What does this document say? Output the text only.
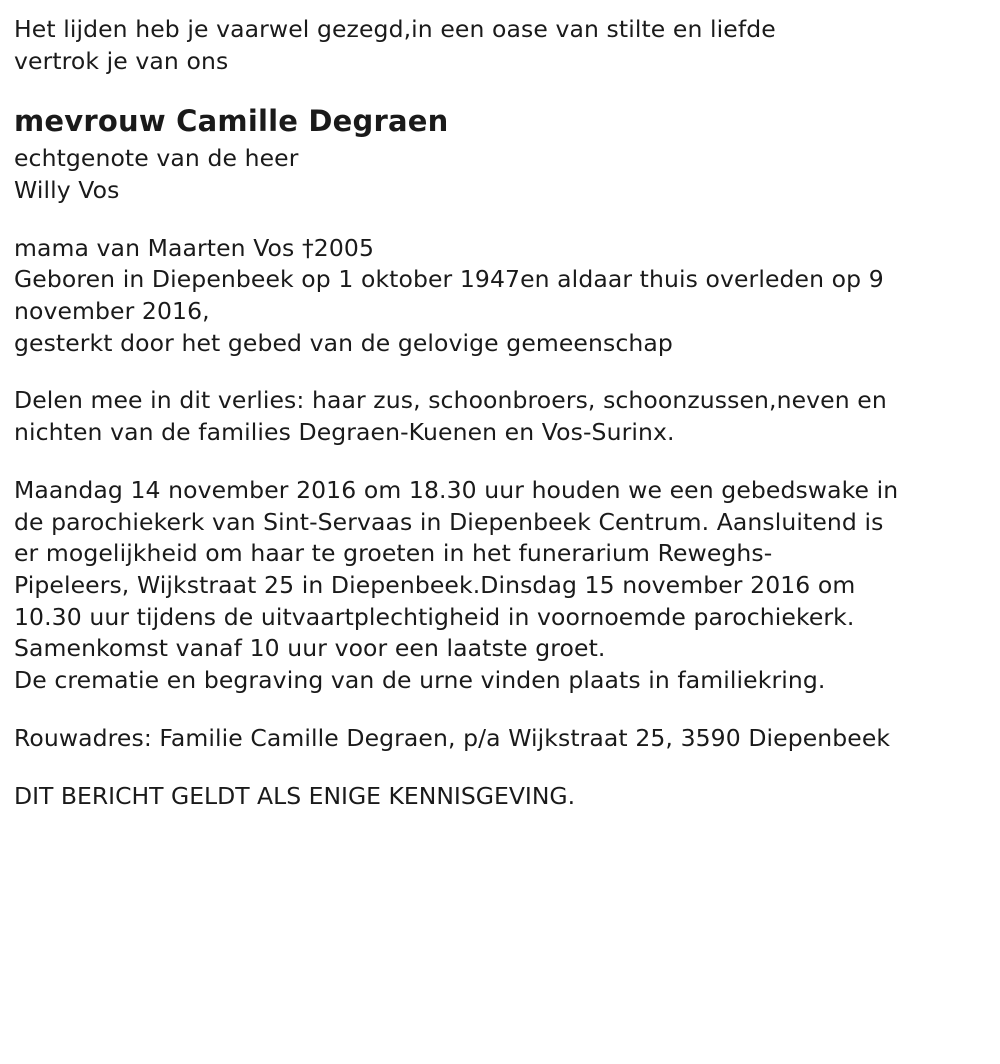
Het lijden heb je vaarwel gezegd,in een oase van stilte en liefde
vertrok je van ons
mevrouw Camille Degraen
echtgenote van de heer
Willy Vos
mama van Maarten Vos †2005
Geboren in Diepenbeek op 1 oktober 1947en aldaar thuis overleden op 9
november 2016,
gesterkt door het gebed van de gelovige gemeenschap
Delen mee in dit verlies: haar zus, schoonbroers, schoonzussen,neven en
nichten van de families Degraen-Kuenen en Vos-Surinx.
Maandag 14 november 2016 om 18.30 uur houden we een gebedswake in
de parochiekerk van Sint-Servaas in Diepenbeek Centrum. Aansluitend is
er mogelijkheid om haar te groeten in het funerarium Reweghs-
Pipeleers, Wijkstraat 25 in Diepenbeek.Dinsdag 15 november 2016 om
10.30 uur tijdens de uitvaartplechtigheid in voornoemde parochiekerk.
Samenkomst vanaf 10 uur voor een laatste groet.
De crematie en begraving van de urne vinden plaats in familiekring.
Rouwadres: Familie Camille Degraen, p/a Wijkstraat 25, 3590 Diepenbeek
DIT BERICHT GELDT ALS ENIGE KENNISGEVING.
